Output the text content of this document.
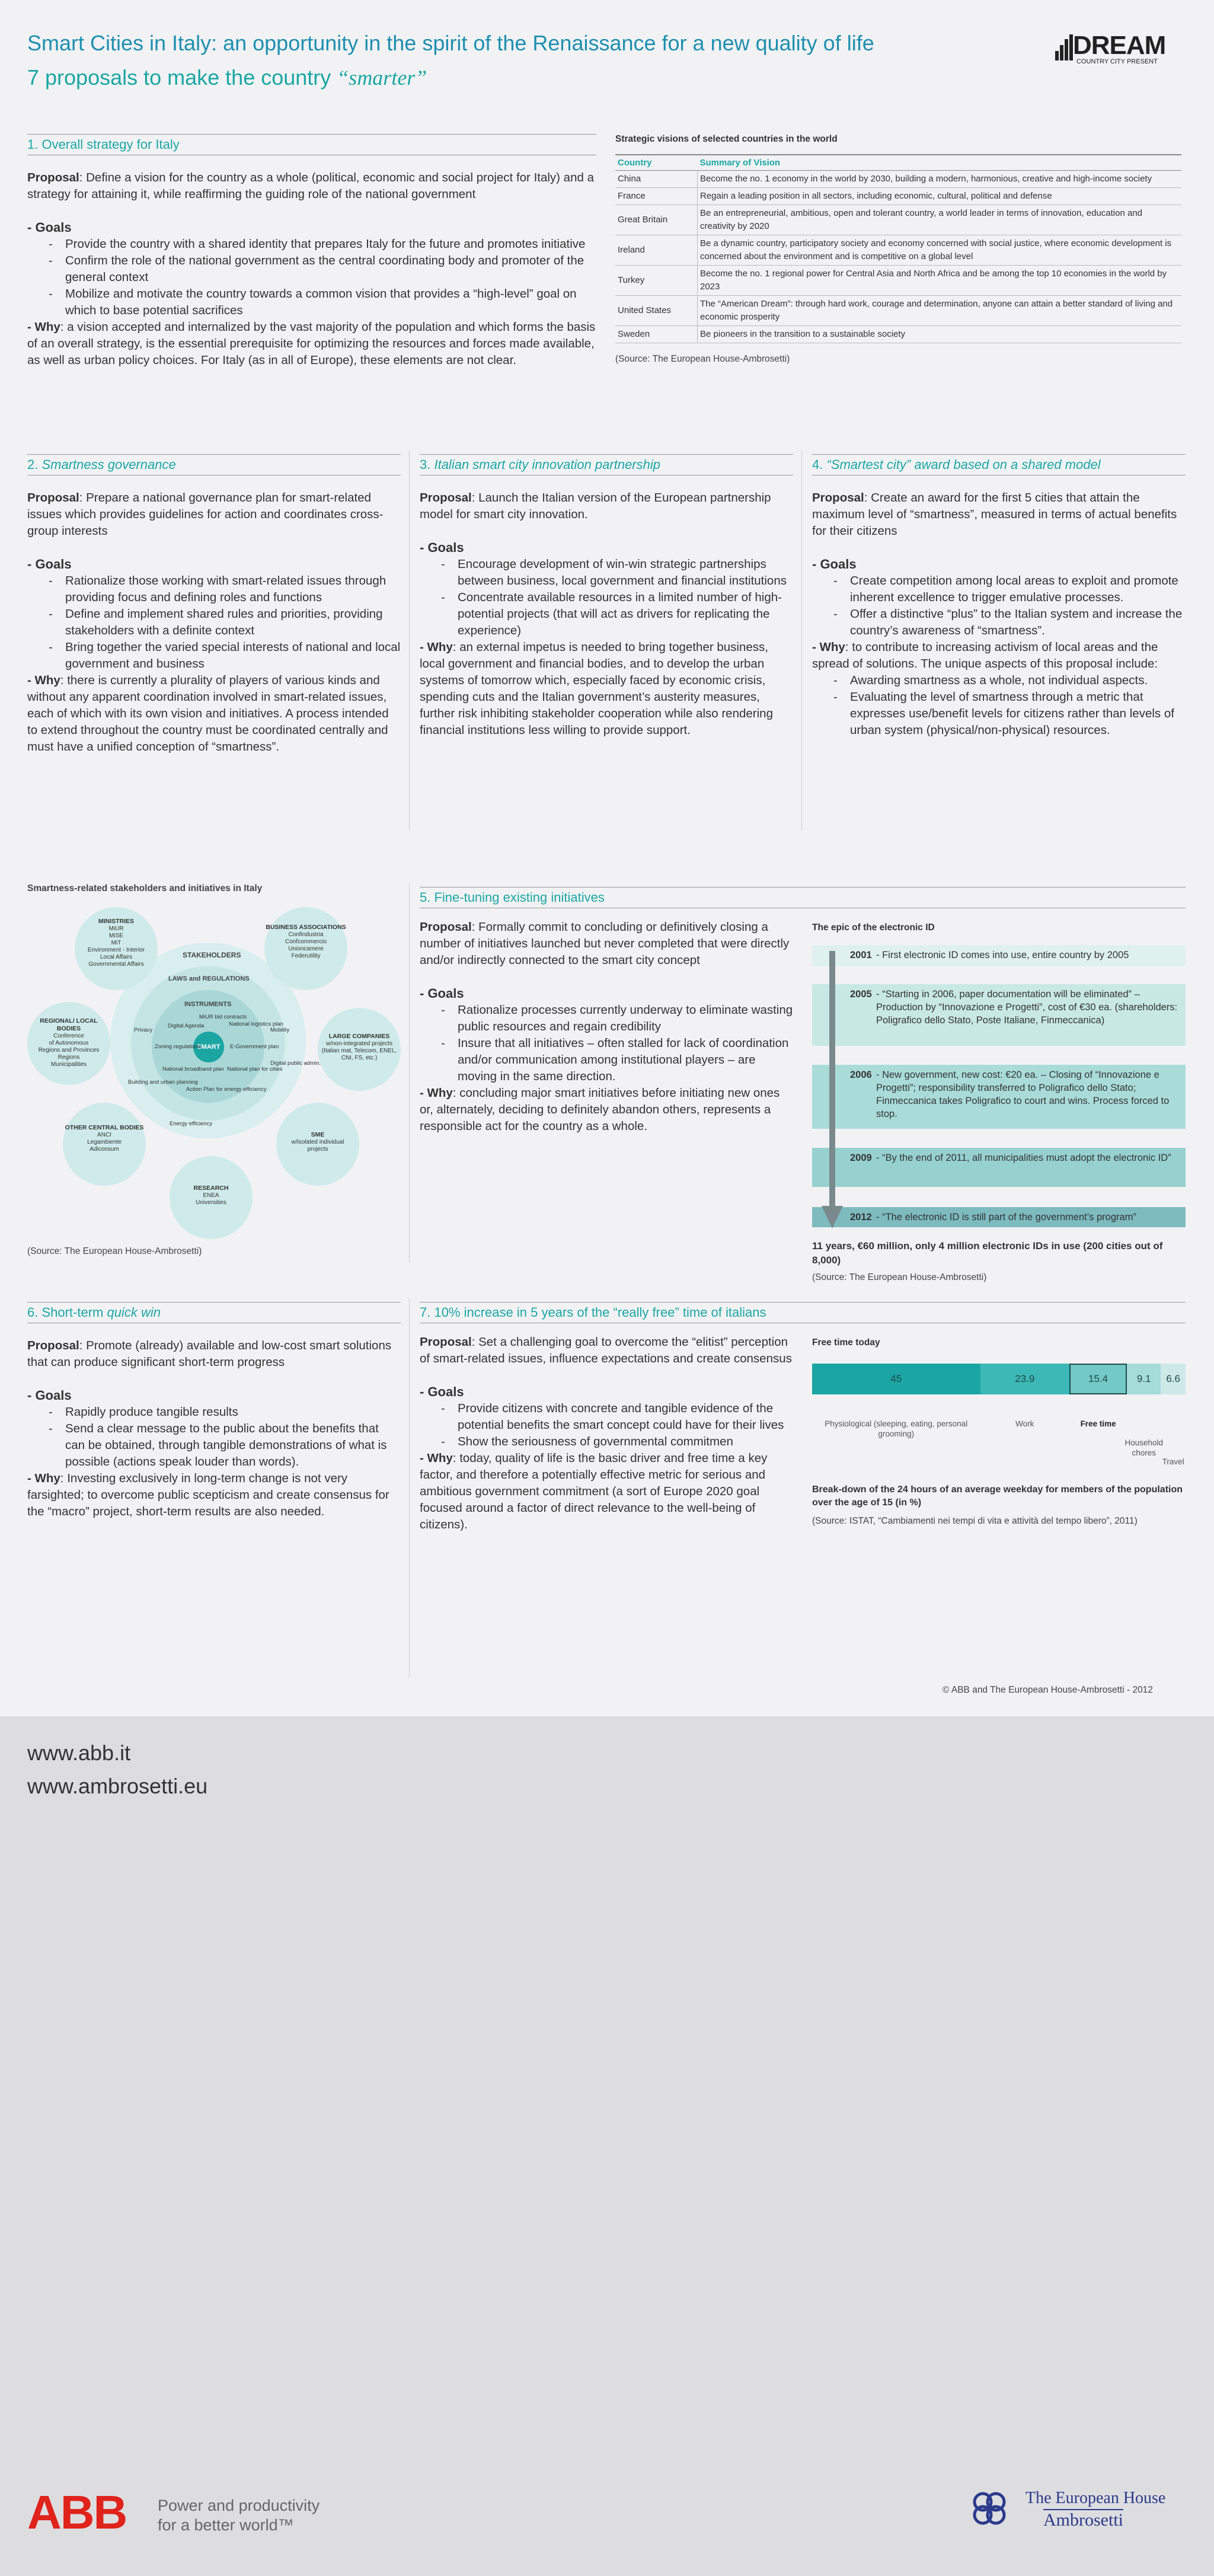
Smart Cities in Italy: an opportunity in the spirit of the Renaissance for a new quality of life
7 proposals to make the country “smarter”
DREAM
COUNTRY CITY PRESENT
1. Overall strategy for Italy
Proposal: Define a vision for the country as a whole (political, economic and social project for Italy) and a strategy for attaining it, while reaffirming the guiding role of the national government
- Goals
- Provide the country with a shared identity that prepares Italy for the future and promotes initiative
- Confirm the role of the national government as the central coordinating body and promoter of the general context
- Mobilize and motivate the country towards a common vision that provides a “high-level” goal on which to base potential sacrifices
- Why: a vision accepted and internalized by the vast majority of the population and which forms the basis of an overall strategy, is the essential prerequisite for optimizing the resources and forces made available, as well as urban policy choices. For Italy (as in all of Europe), these elements are not clear.
Strategic visions of selected countries in the world
Country	Summary of Vision
China	Become the no. 1 economy in the world by 2030, building a modern, harmonious, creative and high-income society
France	Regain a leading position in all sectors, including economic, cultural, political and defense
Great Britain	Be an entrepreneurial, ambitious, open and tolerant country, a world leader in terms of innovation, education and creativity by 2020
Ireland	Be a dynamic country, participatory society and economy concerned with social justice, where economic development is concerned about the environment and is competitive on a global level
Turkey	Become the no. 1 regional power for Central Asia and North Africa and be among the top 10 economies in the world by 2023
United States	The “American Dream”: through hard work, courage and determination, anyone can attain a better standard of living and economic prosperity
Sweden	Be pioneers in the transition to a sustainable society
(Source: The European House-Ambrosetti)
2. Smartness governance
Proposal: Prepare a national governance plan for smart-related issues which provides guidelines for action and coordinates cross-group interests
- Goals
- Rationalize those working with smart-related issues through providing focus and defining roles and functions
- Define and implement shared rules and priorities, providing stakeholders with a definite context
- Bring together the varied special interests of national and local government and business
- Why: there is currently a plurality of players of various kinds and without any apparent coordination involved in smart-related issues, each of which with its own vision and initiatives. A process intended to extend throughout the country must be coordinated centrally and must have a unified conception of “smartness”.
3. Italian smart city innovation partnership
Proposal: Launch the Italian version of the European partnership model for smart city innovation.
- Goals
- Encourage development of win-win strategic partnerships between business, local government and financial institutions
- Concentrate available resources in a limited number of high-potential projects (that will act as drivers for replicating the experience)
- Why: an external impetus is needed to bring together business, local government and financial bodies, and to develop the urban systems of tomorrow which, especially faced by economic crisis, spending cuts and the Italian government’s austerity measures, further risk inhibiting stakeholder cooperation while also rendering financial institutions less willing to provide support.
4. “Smartest city” award based on a shared model
Proposal: Create an award for the first 5 cities that attain the maximum level of “smartness”, measured in terms of actual benefits for their citizens
- Goals
- Create competition among local areas to exploit and promote inherent excellence to trigger emulative processes.
- Offer a distinctive “plus” to the Italian system and increase the country’s awareness of “smartness”.
- Why: to contribute to increasing activism of local areas and the spread of solutions. The unique aspects of this proposal include:
- Awarding smartness as a whole, not individual aspects.
- Evaluating the level of smartness through a metric that expresses use/benefit levels for citizens rather than levels of urban system (physical/non-physical) resources.
Smartness-related stakeholders and initiatives in Italy
SMART
STAKEHOLDERS
LAWS and REGULATIONS
INSTRUMENTS
MINISTRIES
MiUR
MiSE
MiT
Environment - Interior
Local Affairs
Governmental Affairs
BUSINESS ASSOCIATIONS
Confindustria
Confcommercio
Unioncamere
Federutility
LARGE COMPANIES
w/non-integrated projects
(Italian mat, Telecom, ENEL,
CNI, FS, etc.)
SME
w/isolated individual
projects
RESEARCH
ENEA
Universities
OTHER CENTRAL BODIES
ANCI
Legambiente
Adiconsum
REGIONAL/ LOCAL BODIES
Conference
of Autonomous
Regions and Provinces
Regions
Municipalities
Digital Agenda
MiUR bid contracts
National logistics plan
Privacy
Zoning regulations	E-Government plan
Mobility
National broadband plan National plan for cities
Digital public admin.
Building and urban planning
Action Plan for energy efficiency
Energy efficiency
(Source: The European House-Ambrosetti)
5. Fine-tuning existing initiatives
Proposal: Formally commit to concluding or definitively closing a number of initiatives launched but never completed that were directly and/or indirectly connected to the smart city concept
- Goals
- Rationalize processes currently underway to eliminate wasting public resources and regain credibility
- Insure that all initiatives – often stalled for lack of coordination and/or communication among institutional players – are moving in the same direction.
- Why: concluding major smart initiatives before initiating new ones or, alternately, deciding to definitely abandon others, represents a responsible act for the country as a whole.
The epic of the electronic ID
2001 - First electronic ID comes into use, entire country by 2005
2005 - “Starting in 2006, paper documentation will be eliminated” – Production by “Innovazione e Progetti”, cost of €30 ea. (shareholders: Poligrafico dello Stato, Poste Italiane, Finmeccanica)
2006 - New government, new cost: €20 ea. – Closing of “Innovazione e Progetti”; responsibility transferred to Poligrafico dello Stato; Finmeccanica takes Poligrafico to court and wins. Process forced to stop.
2009 - “By the end of 2011, all municipalities must adopt the electronic ID”
2012 - “The electronic ID is still part of the government’s program”
11 years, €60 million, only 4 million electronic IDs in use (200 cities out of 8,000)
(Source: The European House-Ambrosetti)
6. Short-term quick win
Proposal: Promote (already) available and low-cost smart solutions that can produce significant short-term progress
- Goals
- Rapidly produce tangible results
- Send a clear message to the public about the benefits that can be obtained, through tangible demonstrations of what is possible (actions speak louder than words).
- Why: Investing exclusively in long-term change is not very farsighted; to overcome public scepticism and create consensus for the “macro” project, short-term results are also needed.
7. 10% increase in 5 years of the “really free” time of italians
Proposal: Set a challenging goal to overcome the “elitist” perception of smart-related issues, influence expectations and create consensus
- Goals
- Provide citizens with concrete and tangible evidence of the potential benefits the smart concept could have for their lives
- Show the seriousness of governmental commitmen
- Why: today, quality of life is the basic driver and free time a key factor, and therefore a potentially effective metric for serious and ambitious government commitment (a sort of Europe 2020 goal focused around a factor of direct relevance to the well-being of citizens).
Free time today
45	23.9	15.4	9.1	6.6
Physiological (sleeping, eating, personal grooming)
Work	Free time
Household chores
Travel
Break-down of the 24 hours of an average weekday for members of the population over the age of 15 (in %)
(Source: ISTAT, “Cambiamenti nei tempi di vita e attività del tempo libero”, 2011)
© ABB and The European House-Ambrosetti - 2012
www.abb.it
www.ambrosetti.eu
ABB Power and productivity
for a better world™
The European House
Ambrosetti
